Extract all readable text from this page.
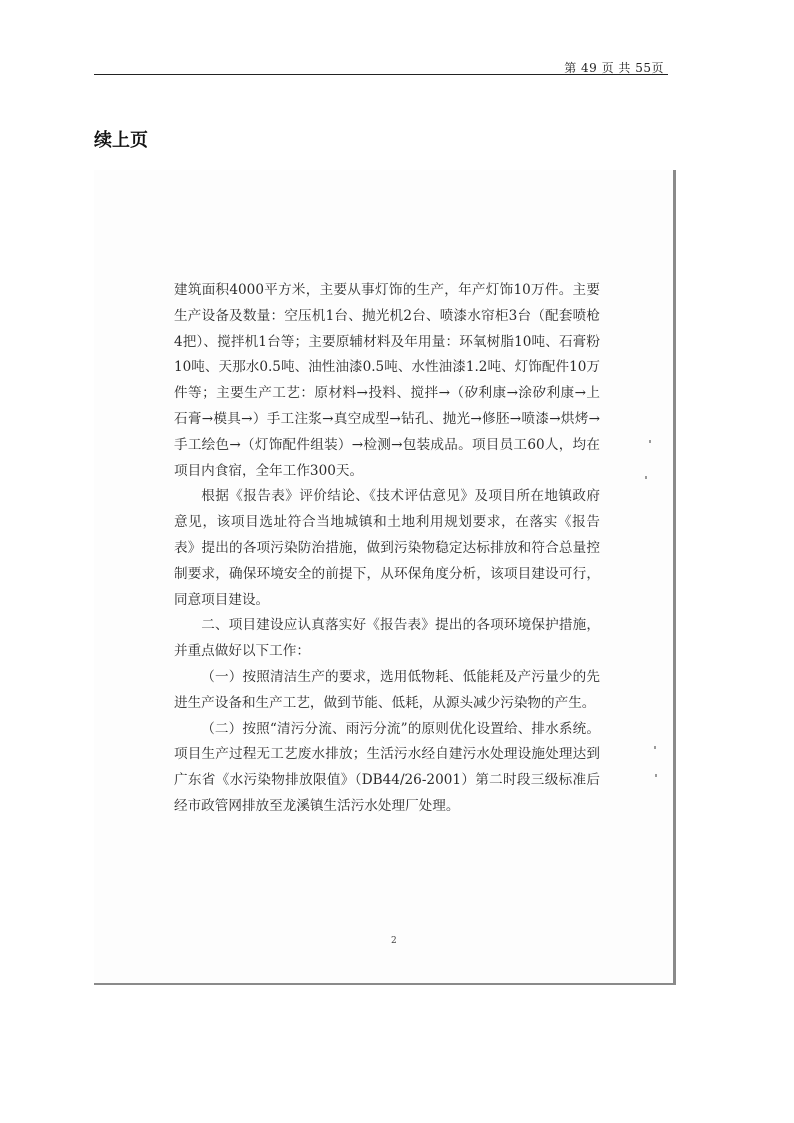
第 49 页 共 55页
续上页

建筑面积4000平方米，主要从事灯饰的生产，年产灯饰10万件。主要生产设备及数量：空压机1台、抛光机2台、喷漆水帘柜3台（配套喷枪4把）、搅拌机1台等；主要原辅材料及年用量：环氧树脂10吨、石膏粉10吨、天那水0.5吨、油性油漆0.5吨、水性油漆1.2吨、灯饰配件10万件等；主要生产工艺：原材料→投料、搅拌→（矽利康→涂矽利康→上石膏→模具→）手工注浆→真空成型→钻孔、抛光→修胚→喷漆→烘烤→手工绘色→（灯饰配件组装）→检测→包装成品。项目员工60人，均在项目内食宿，全年工作300天。

根据《报告表》评价结论、《技术评估意见》及项目所在地镇政府意见，该项目选址符合当地城镇和土地利用规划要求，在落实《报告表》提出的各项污染防治措施，做到污染物稳定达标排放和符合总量控制要求，确保环境安全的前提下，从环保角度分析，该项目建设可行，同意项目建设。

二、项目建设应认真落实好《报告表》提出的各项环境保护措施，并重点做好以下工作：

（一）按照清洁生产的要求，选用低物耗、低能耗及产污量少的先进生产设备和生产工艺，做到节能、低耗，从源头减少污染物的产生。

（二）按照“清污分流、雨污分流”的原则优化设置给、排水系统。项目生产过程无工艺废水排放；生活污水经自建污水处理设施处理达到广东省《水污染物排放限值》（DB44/26-2001）第二时段三级标准后经市政管网排放至龙溪镇生活污水处理厂处理。

2
